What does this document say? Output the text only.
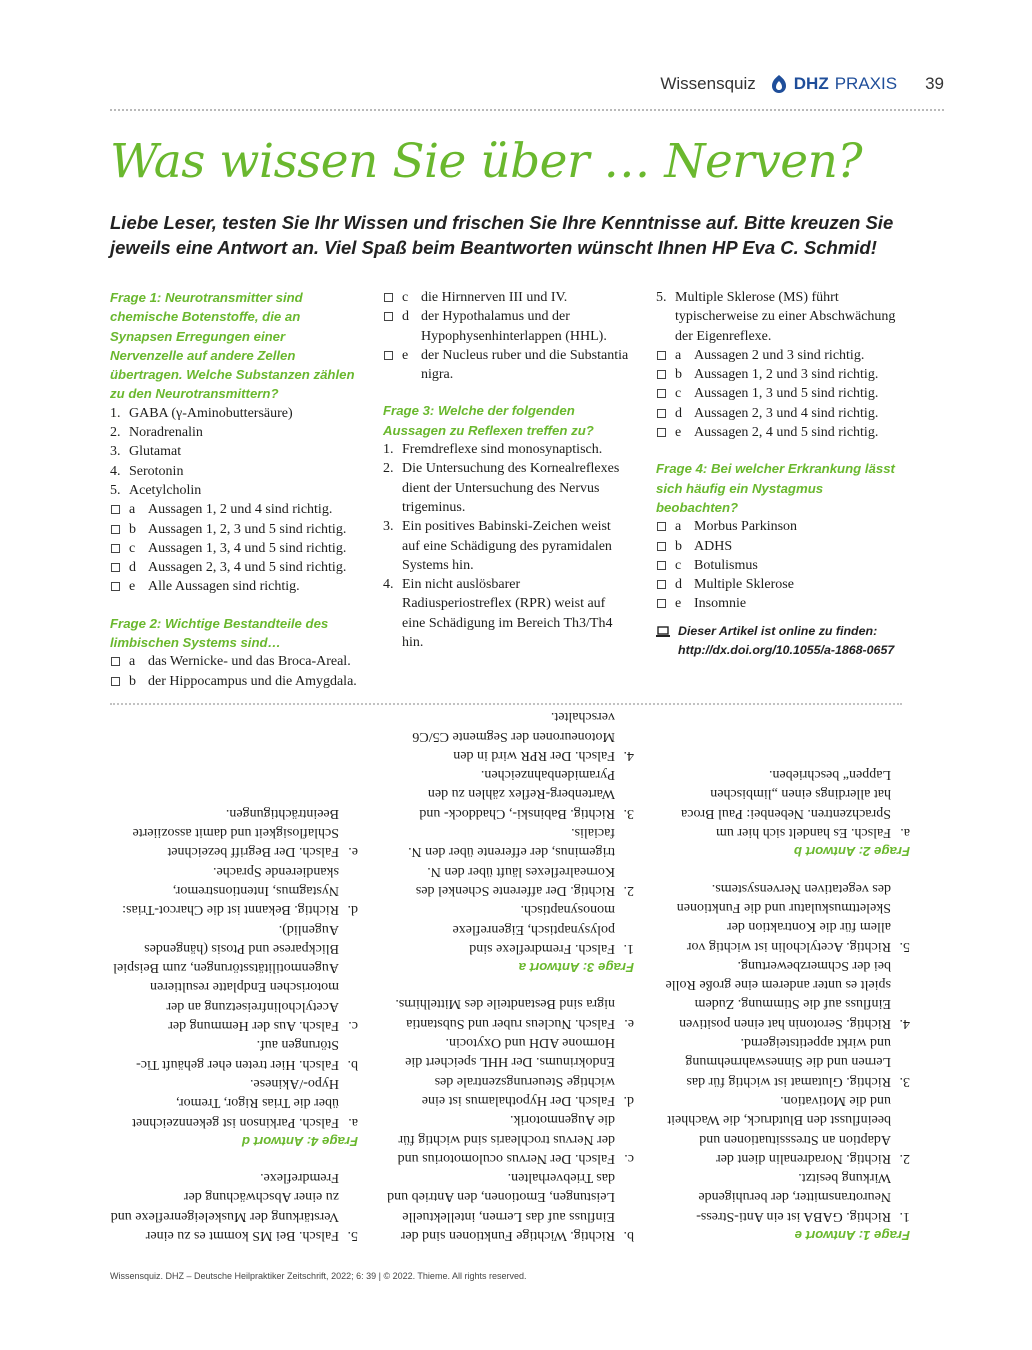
Wissensquiz DHZ PRAXIS 39
Was wissen Sie über … Nerven?

Liebe Leser, testen Sie Ihr Wissen und frischen Sie Ihre Kenntnisse auf. Bitte kreuzen Sie jeweils eine Antwort an. Viel Spaß beim Beantworten wünscht Ihnen HP Eva C. Schmid!

Frage 1: Neurotransmitter sind chemische Botenstoffe, die an Synapsen Erregungen einer Nervenzelle auf andere Zellen übertragen. Welche Substanzen zählen zu den Neurotransmittern?

1. GABA (γ-Aminobuttersäure)
2. Noradrenalin
3. Glutamat
4. Serotonin
5. Acetylcholin
a Aussagen 1, 2 und 4 sind richtig.
b Aussagen 1, 2, 3 und 5 sind richtig.
c Aussagen 1, 3, 4 und 5 sind richtig.
d Aussagen 2, 3, 4 und 5 sind richtig.
e Alle Aussagen sind richtig.

Frage 2: Wichtige Bestandteile des limbischen Systems sind…

a das Wernicke- und das Broca-Areal.
b der Hippocampus und die Amygdala.
c die Hirnnerven III und IV.
d der Hypothalamus und der Hypophysenhinterlappen (HHL).
e der Nucleus ruber und die Substantia nigra.

Frage 3: Welche der folgenden Aussagen zu Reflexen treffen zu?

1. Fremdreflexe sind monosynaptisch.
2. Die Untersuchung des Kornealreflexes dient der Untersuchung des Nervus trigeminus.
3. Ein positives Babinski-Zeichen weist auf eine Schädigung des pyramidalen Systems hin.
4. Ein nicht auslösbarer Radiusperiostreflex (RPR) weist auf eine Schädigung im Bereich Th3/Th4 hin.
5. Multiple Sklerose (MS) führt typischerweise zu einer Abschwächung der Eigenreflexe.
a Aussagen 2 und 3 sind richtig.
b Aussagen 1, 2 und 3 sind richtig.
c Aussagen 1, 3 und 5 sind richtig.
d Aussagen 2, 3 und 4 sind richtig.
e Aussagen 2, 4 und 5 sind richtig.

Frage 4: Bei welcher Erkrankung lässt sich häufig ein Nystagmus beobachten?

a Morbus Parkinson
b ADHS
c Botulismus
d Multiple Sklerose
e Insomnie
Dieser Artikel ist online zu finden:
http://dx.doi.org/10.1055/a-1868-0657

Frage 1: Antwort e

1.
Richtig. GABA ist ein Anti-Stress-Neurotransmitter, der beruhigende Wirkung besitzt.
2.
Richtig. Noradrenalin dient der Adaption an Stresssituationen und beeinflusst den Blutdruck, die Wachheit und die Motivation.
3.
Richtig. Glutamat ist wichtig für das Lernen und die Sinneswahrnehmung und wirkt appetitsteigernd.
4.
Richtig. Serotonin hat einen positiven Einfluss auf die Stimmung. Zudem spielt es unter anderem eine große Rolle bei der Schmerzbewertung.
5.
Richtig. Acetylcholin ist wichtig vor allem für die Kontraktion der Skelettmuskulatur und die Funktionen des vegetativen Nervensystems.

Frage 2: Antwort b

a.
Falsch. Es handelt sich hier um Sprachzentren. Nebenbei: Paul Broca hat allerdings einen „limbischen Lappen“ beschrieben.
b.
Richtig. Wichtige Funktionen sind der Einfluss auf das Lernen, intellektuelle Leistungen, Emotionen, den Antrieb und das Triebverhalten.
c.
Falsch. Der Nervus oculomotorius und der Nervus trochlearis sind wichtig für die Augenmotorik.
d.
Falsch. Der Hypothalamus ist eine wichtige Steuerungszentrale des Endokrinums. Der HHL speichert die Hormone ADH und Oxytocin.
e.
Falsch. Nucleus ruber und Substantia nigra sind Bestandteile des Mittelhirns.

Frage 3: Antwort a

1.
Falsch. Fremdreflexe sind polysynaptisch, Eigenreflexe monosynaptisch.
2.
Richtig. Der afferente Schenkel des Kornealreflexes läuft über den N. trigeminus, der efferente über den N. facialis.
3.
Richtig. Babinski-, Chaddock- und Wartenberg-Reflex zählen zu den Pyramidenbahnzeichen.
4.
Falsch. Der RPR wird in den Motoneuronen der Segmente C5/C6 verschaltet.
5.
Falsch. Bei MS kommt es zu einer Verstärkung der Muskeleigenreflexe und zu einer Abschwächung der Fremdreflexe.

Frage 4: Antwort d

a.
Falsch. Parkinson ist gekennzeichnet über die Trias Rigor, Tremor, Hypo-/Akinese.
b.
Falsch. Hier treten eher gehäuft Tic-Störungen auf.
c.
Falsch. Aus der Hemmung der Acetylcholinfreisetzung an der motorischen Endplatte resultieren Augenmotilitätsstörungen, zum Beispiel Blickparese und Ptosis (hängendes Augenlid).
d.
Richtig. Bekannt ist die Charcot-Trias: Nystagmus, Intentionstremor, skandierende Sprache.
e.
Falsch. Der Begriff bezeichnet Schlaflosigkeit und damit assoziierte Beeinträchtigungen.
Wissensquiz. DHZ – Deutsche Heilpraktiker Zeitschrift, 2022; 6: 39 | © 2022. Thieme. All rights reserved.
